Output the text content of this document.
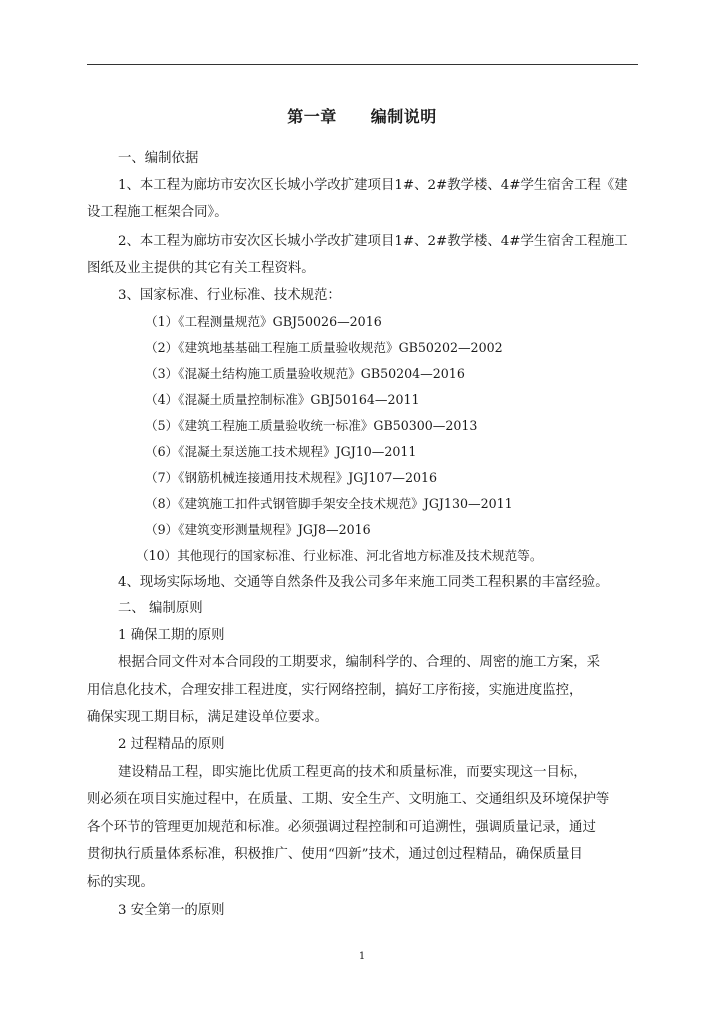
第一章 编制说明
一、编制依据
1、本工程为廊坊市安次区长城小学改扩建项目1#、2#教学楼、4#学生宿舍工程《建
设工程施工框架合同》。
2、本工程为廊坊市安次区长城小学改扩建项目1#、2#教学楼、4#学生宿舍工程施工
图纸及业主提供的其它有关工程资料。
3、国家标准、行业标准、技术规范：
（1）《工程测量规范》GBJ50026—2016
（2）《建筑地基基础工程施工质量验收规范》GB50202—2002
（3）《混凝土结构施工质量验收规范》GB50204—2016
（4）《混凝土质量控制标准》GBJ50164—2011
（5）《建筑工程施工质量验收统一标准》GB50300—2013
（6）《混凝土泵送施工技术规程》JGJ10—2011
（7）《钢筋机械连接通用技术规程》JGJ107—2016
（8）《建筑施工扣件式钢管脚手架安全技术规范》JGJ130—2011
（9）《建筑变形测量规程》JGJ8—2016
（10）其他现行的国家标准、行业标准、河北省地方标准及技术规范等。
4、现场实际场地、交通等自然条件及我公司多年来施工同类工程积累的丰富经验。
二、 编制原则
1 确保工期的原则
根据合同文件对本合同段的工期要求，编制科学的、合理的、周密的施工方案，采
用信息化技术，合理安排工程进度，实行网络控制，搞好工序衔接，实施进度监控，
确保实现工期目标，满足建设单位要求。
2 过程精品的原则
建设精品工程，即实施比优质工程更高的技术和质量标准，而要实现这一目标，
则必须在项目实施过程中，在质量、工期、安全生产、文明施工、交通组织及环境保护等
各个环节的管理更加规范和标准。必须强调过程控制和可追溯性，强调质量记录，通过
贯彻执行质量体系标准，积极推广、使用“四新”技术，通过创过程精品，确保质量目
标的实现。
3 安全第一的原则
1
